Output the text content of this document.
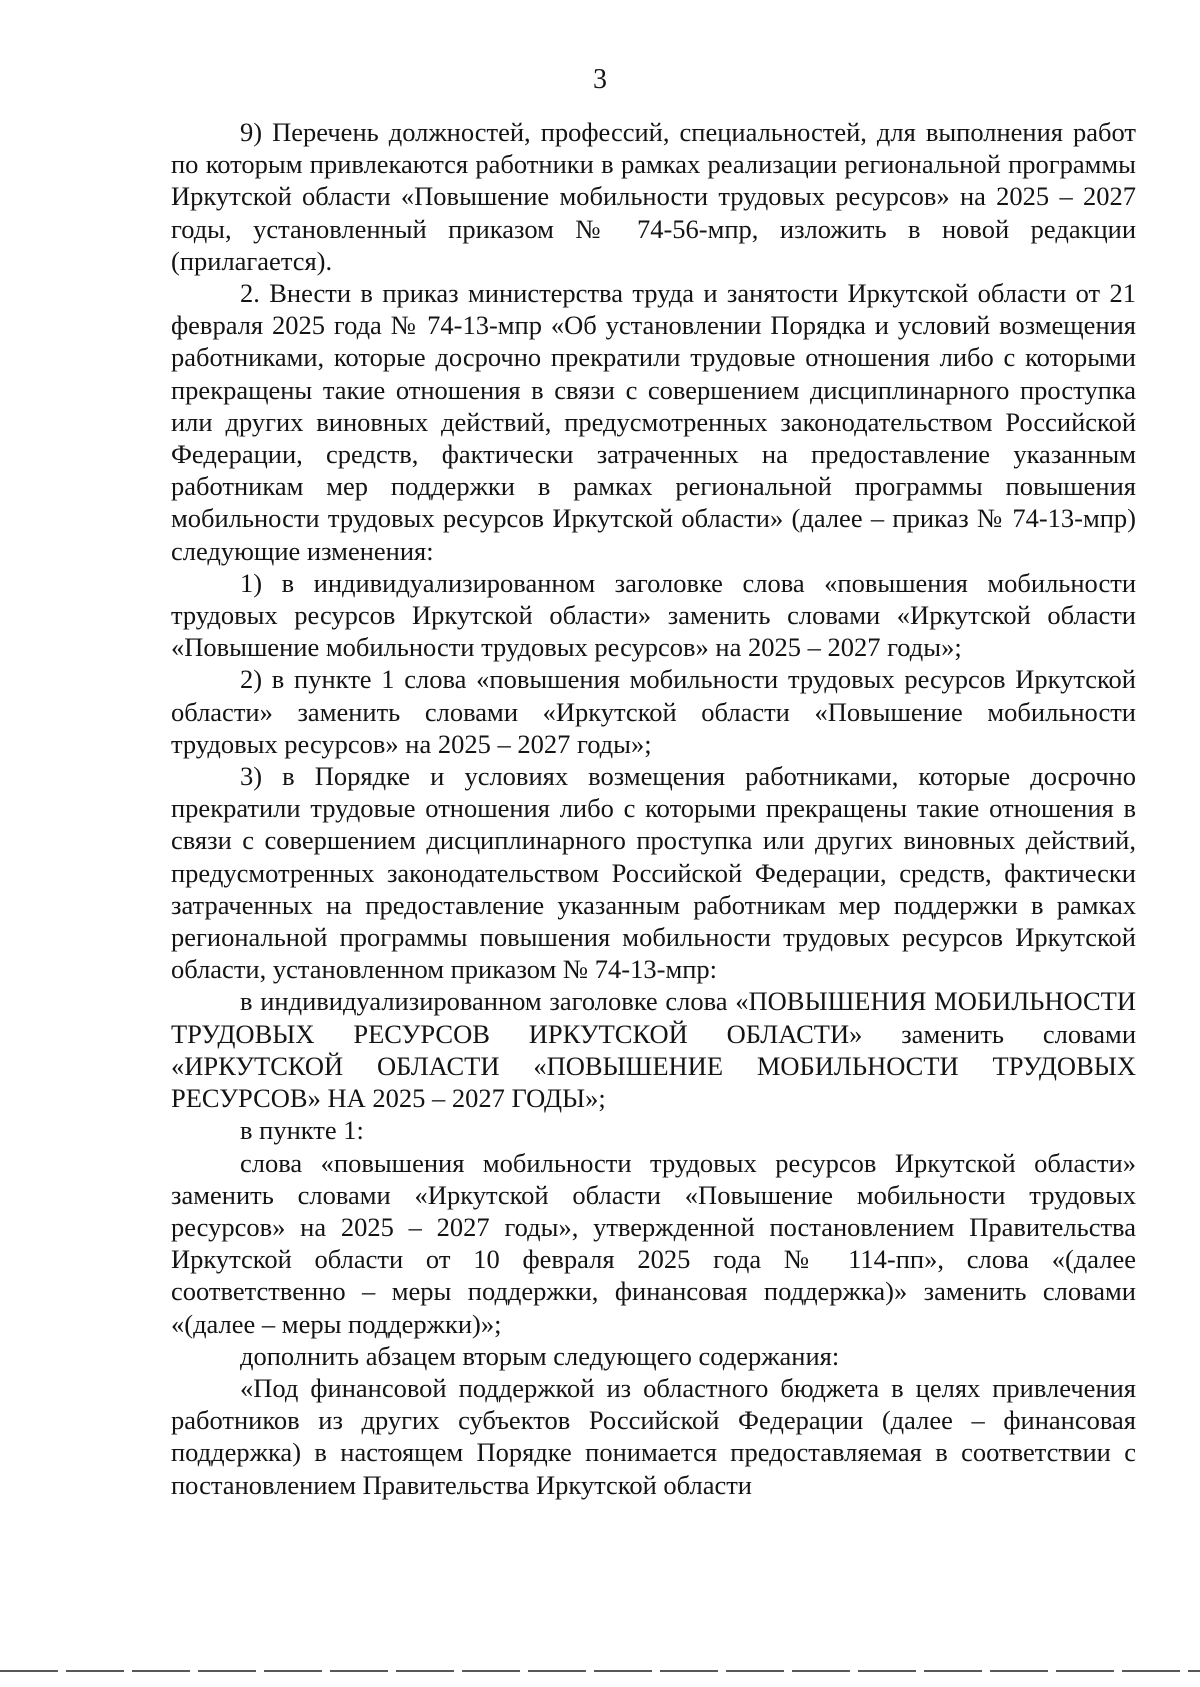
3

9) Перечень должностей, профессий, специальностей, для выполнения работ по которым привлекаются работники в рамках реализации региональной программы Иркутской области «Повышение мобильности трудовых ресурсов» на 2025 – 2027 годы, установленный приказом № 74-56-мпр, изложить в новой редакции (прилагается).

2. Внести в приказ министерства труда и занятости Иркутской области от 21 февраля 2025 года № 74-13-мпр «Об установлении Порядка и условий возмещения работниками, которые досрочно прекратили трудовые отношения либо с которыми прекращены такие отношения в связи с совершением дисциплинарного проступка или других виновных действий, предусмотренных законодательством Российской Федерации, средств, фактически затраченных на предоставление указанным работникам мер поддержки в рамках региональной программы повышения мобильности трудовых ресурсов Иркутской области» (далее – приказ № 74-13-мпр) следующие изменения:

1) в индивидуализированном заголовке слова «повышения мобильности трудовых ресурсов Иркутской области» заменить словами «Иркутской области «Повышение мобильности трудовых ресурсов» на 2025 – 2027 годы»;

2) в пункте 1 слова «повышения мобильности трудовых ресурсов Иркутской области» заменить словами «Иркутской области «Повышение мобильности трудовых ресурсов» на 2025 – 2027 годы»;

3) в Порядке и условиях возмещения работниками, которые досрочно прекратили трудовые отношения либо с которыми прекращены такие отношения в связи с совершением дисциплинарного проступка или других виновных действий, предусмотренных законодательством Российской Федерации, средств, фактически затраченных на предоставление указанным работникам мер поддержки в рамках региональной программы повышения мобильности трудовых ресурсов Иркутской области, установленном приказом № 74-13-мпр:

в индивидуализированном заголовке слова «ПОВЫШЕНИЯ МОБИЛЬНОСТИ ТРУДОВЫХ РЕСУРСОВ ИРКУТСКОЙ ОБЛАСТИ» заменить словами «ИРКУТСКОЙ ОБЛАСТИ «ПОВЫШЕНИЕ МОБИЛЬНОСТИ ТРУДОВЫХ РЕСУРСОВ» НА 2025 – 2027 ГОДЫ»;

в пункте 1:

слова «повышения мобильности трудовых ресурсов Иркутской области» заменить словами «Иркутской области «Повышение мобильности трудовых ресурсов» на 2025 – 2027 годы», утвержденной постановлением Правительства Иркутской области от 10 февраля 2025 года № 114-пп», слова «(далее соответственно – меры поддержки, финансовая поддержка)» заменить словами «(далее – меры поддержки)»;

дополнить абзацем вторым следующего содержания:

«Под финансовой поддержкой из областного бюджета в целях привлечения работников из других субъектов Российской Федерации (далее – финансовая поддержка) в настоящем Порядке понимается предоставляемая в соответствии с постановлением Правительства Иркутской области
